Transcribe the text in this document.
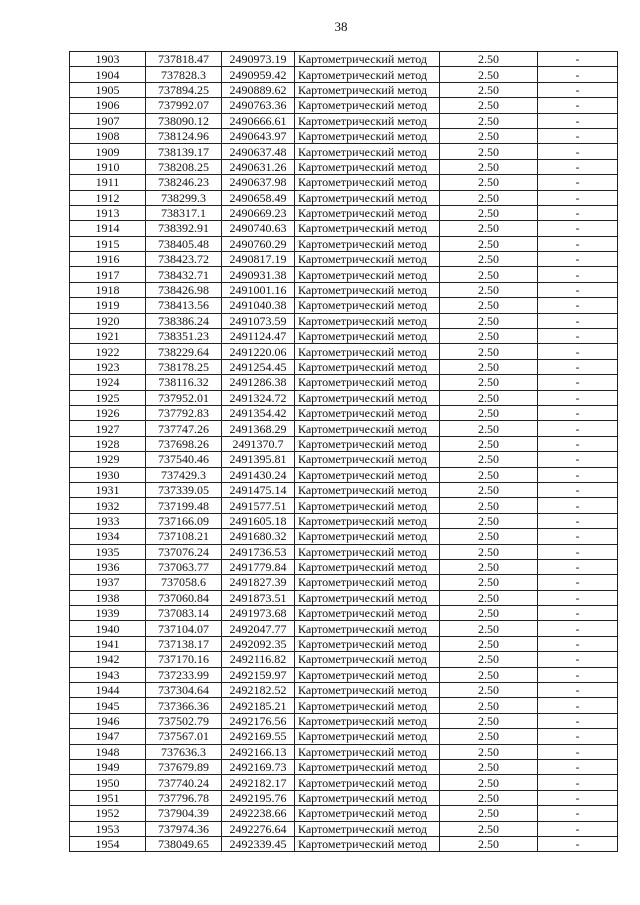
38
1903	737818.47	2490973.19	Картометрический метод	2.50	-
1904	737828.3	2490959.42	Картометрический метод	2.50	-
1905	737894.25	2490889.62	Картометрический метод	2.50	-
1906	737992.07	2490763.36	Картометрический метод	2.50	-
1907	738090.12	2490666.61	Картометрический метод	2.50	-
1908	738124.96	2490643.97	Картометрический метод	2.50	-
1909	738139.17	2490637.48	Картометрический метод	2.50	-
1910	738208.25	2490631.26	Картометрический метод	2.50	-
1911	738246.23	2490637.98	Картометрический метод	2.50	-
1912	738299.3	2490658.49	Картометрический метод	2.50	-
1913	738317.1	2490669.23	Картометрический метод	2.50	-
1914	738392.91	2490740.63	Картометрический метод	2.50	-
1915	738405.48	2490760.29	Картометрический метод	2.50	-
1916	738423.72	2490817.19	Картометрический метод	2.50	-
1917	738432.71	2490931.38	Картометрический метод	2.50	-
1918	738426.98	2491001.16	Картометрический метод	2.50	-
1919	738413.56	2491040.38	Картометрический метод	2.50	-
1920	738386.24	2491073.59	Картометрический метод	2.50	-
1921	738351.23	2491124.47	Картометрический метод	2.50	-
1922	738229.64	2491220.06	Картометрический метод	2.50	-
1923	738178.25	2491254.45	Картометрический метод	2.50	-
1924	738116.32	2491286.38	Картометрический метод	2.50	-
1925	737952.01	2491324.72	Картометрический метод	2.50	-
1926	737792.83	2491354.42	Картометрический метод	2.50	-
1927	737747.26	2491368.29	Картометрический метод	2.50	-
1928	737698.26	2491370.7	Картометрический метод	2.50	-
1929	737540.46	2491395.81	Картометрический метод	2.50	-
1930	737429.3	2491430.24	Картометрический метод	2.50	-
1931	737339.05	2491475.14	Картометрический метод	2.50	-
1932	737199.48	2491577.51	Картометрический метод	2.50	-
1933	737166.09	2491605.18	Картометрический метод	2.50	-
1934	737108.21	2491680.32	Картометрический метод	2.50	-
1935	737076.24	2491736.53	Картометрический метод	2.50	-
1936	737063.77	2491779.84	Картометрический метод	2.50	-
1937	737058.6	2491827.39	Картометрический метод	2.50	-
1938	737060.84	2491873.51	Картометрический метод	2.50	-
1939	737083.14	2491973.68	Картометрический метод	2.50	-
1940	737104.07	2492047.77	Картометрический метод	2.50	-
1941	737138.17	2492092.35	Картометрический метод	2.50	-
1942	737170.16	2492116.82	Картометрический метод	2.50	-
1943	737233.99	2492159.97	Картометрический метод	2.50	-
1944	737304.64	2492182.52	Картометрический метод	2.50	-
1945	737366.36	2492185.21	Картометрический метод	2.50	-
1946	737502.79	2492176.56	Картометрический метод	2.50	-
1947	737567.01	2492169.55	Картометрический метод	2.50	-
1948	737636.3	2492166.13	Картометрический метод	2.50	-
1949	737679.89	2492169.73	Картометрический метод	2.50	-
1950	737740.24	2492182.17	Картометрический метод	2.50	-
1951	737796.78	2492195.76	Картометрический метод	2.50	-
1952	737904.39	2492238.66	Картометрический метод	2.50	-
1953	737974.36	2492276.64	Картометрический метод	2.50	-
1954	738049.65	2492339.45	Картометрический метод	2.50	-
